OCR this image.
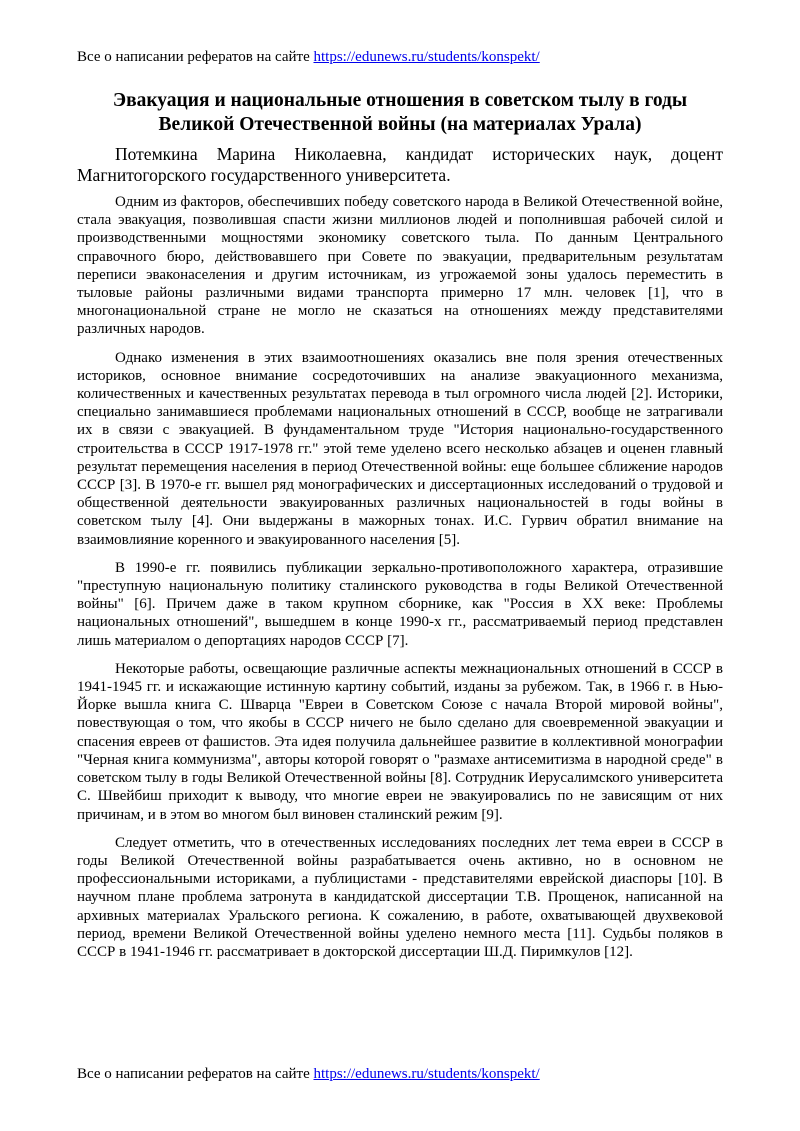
Все о написании рефератов на сайте https://edunews.ru/students/konspekt/
Эвакуация и национальные отношения в советском тылу в годы Великой Отечественной войны (на материалах Урала)

Потемкина Марина Николаевна, кандидат исторических наук, доцент Магнитогорского государственного университета.

Одним из факторов, обеспечивших победу советского народа в Великой Отечественной войне, стала эвакуация, позволившая спасти жизни миллионов людей и пополнившая рабочей силой и производственными мощностями экономику советского тыла. По данным Центрального справочного бюро, действовавшего при Совете по эвакуации, предварительным результатам переписи эваконаселения и другим источникам, из угрожаемой зоны удалось переместить в тыловые районы различными видами транспорта примерно 17 млн. человек [1], что в многонациональной стране не могло не сказаться на отношениях между представителями различных народов.

Однако изменения в этих взаимоотношениях оказались вне поля зрения отечественных историков, основное внимание сосредоточивших на анализе эвакуационного механизма, количественных и качественных результатах перевода в тыл огромного числа людей [2]. Историки, специально занимавшиеся проблемами национальных отношений в СССР, вообще не затрагивали их в связи с эвакуацией. В фундаментальном труде "История национально-государственного строительства в СССР 1917-1978 гг." этой теме уделено всего несколько абзацев и оценен главный результат перемещения населения в период Отечественной войны: еще большее сближение народов СССР [3]. В 1970-е гг. вышел ряд монографических и диссертационных исследований о трудовой и общественной деятельности эвакуированных различных национальностей в годы войны в советском тылу [4]. Они выдержаны в мажорных тонах. И.С. Гурвич обратил внимание на взаимовлияние коренного и эвакуированного населения [5].

В 1990-е гг. появились публикации зеркально-противоположного характера, отразившие "преступную национальную политику сталинского руководства в годы Великой Отечественной войны" [6]. Причем даже в таком крупном сборнике, как "Россия в XX веке: Проблемы национальных отношений", вышедшем в конце 1990-х гг., рассматриваемый период представлен лишь материалом о депортациях народов СССР [7].

Некоторые работы, освещающие различные аспекты межнациональных отношений в СССР в 1941-1945 гг. и искажающие истинную картину событий, изданы за рубежом. Так, в 1966 г. в Нью-Йорке вышла книга С. Шварца "Евреи в Советском Союзе с начала Второй мировой войны", повествующая о том, что якобы в СССР ничего не было сделано для своевременной эвакуации и спасения евреев от фашистов. Эта идея получила дальнейшее развитие в коллективной монографии "Черная книга коммунизма", авторы которой говорят о "размахе антисемитизма в народной среде" в советском тылу в годы Великой Отечественной войны [8]. Сотрудник Иерусалимского университета С. Швейбиш приходит к выводу, что многие евреи не эвакуировались по не зависящим от них причинам, и в этом во многом был виновен сталинский режим [9].

Следует отметить, что в отечественных исследованиях последних лет тема евреи в СССР в годы Великой Отечественной войны разрабатывается очень активно, но в основном не профессиональными историками, а публицистами - представителями еврейской диаспоры [10]. В научном плане проблема затронута в кандидатской диссертации Т.В. Прощенок, написанной на архивных материалах Уральского региона. К сожалению, в работе, охватывающей двухвековой период, времени Великой Отечественной войны уделено немного места [11]. Судьбы поляков в СССР в 1941-1946 гг. рассматривает в докторской диссертации Ш.Д. Пиримкулов [12].

Все о написании рефератов на сайте https://edunews.ru/students/konspekt/
